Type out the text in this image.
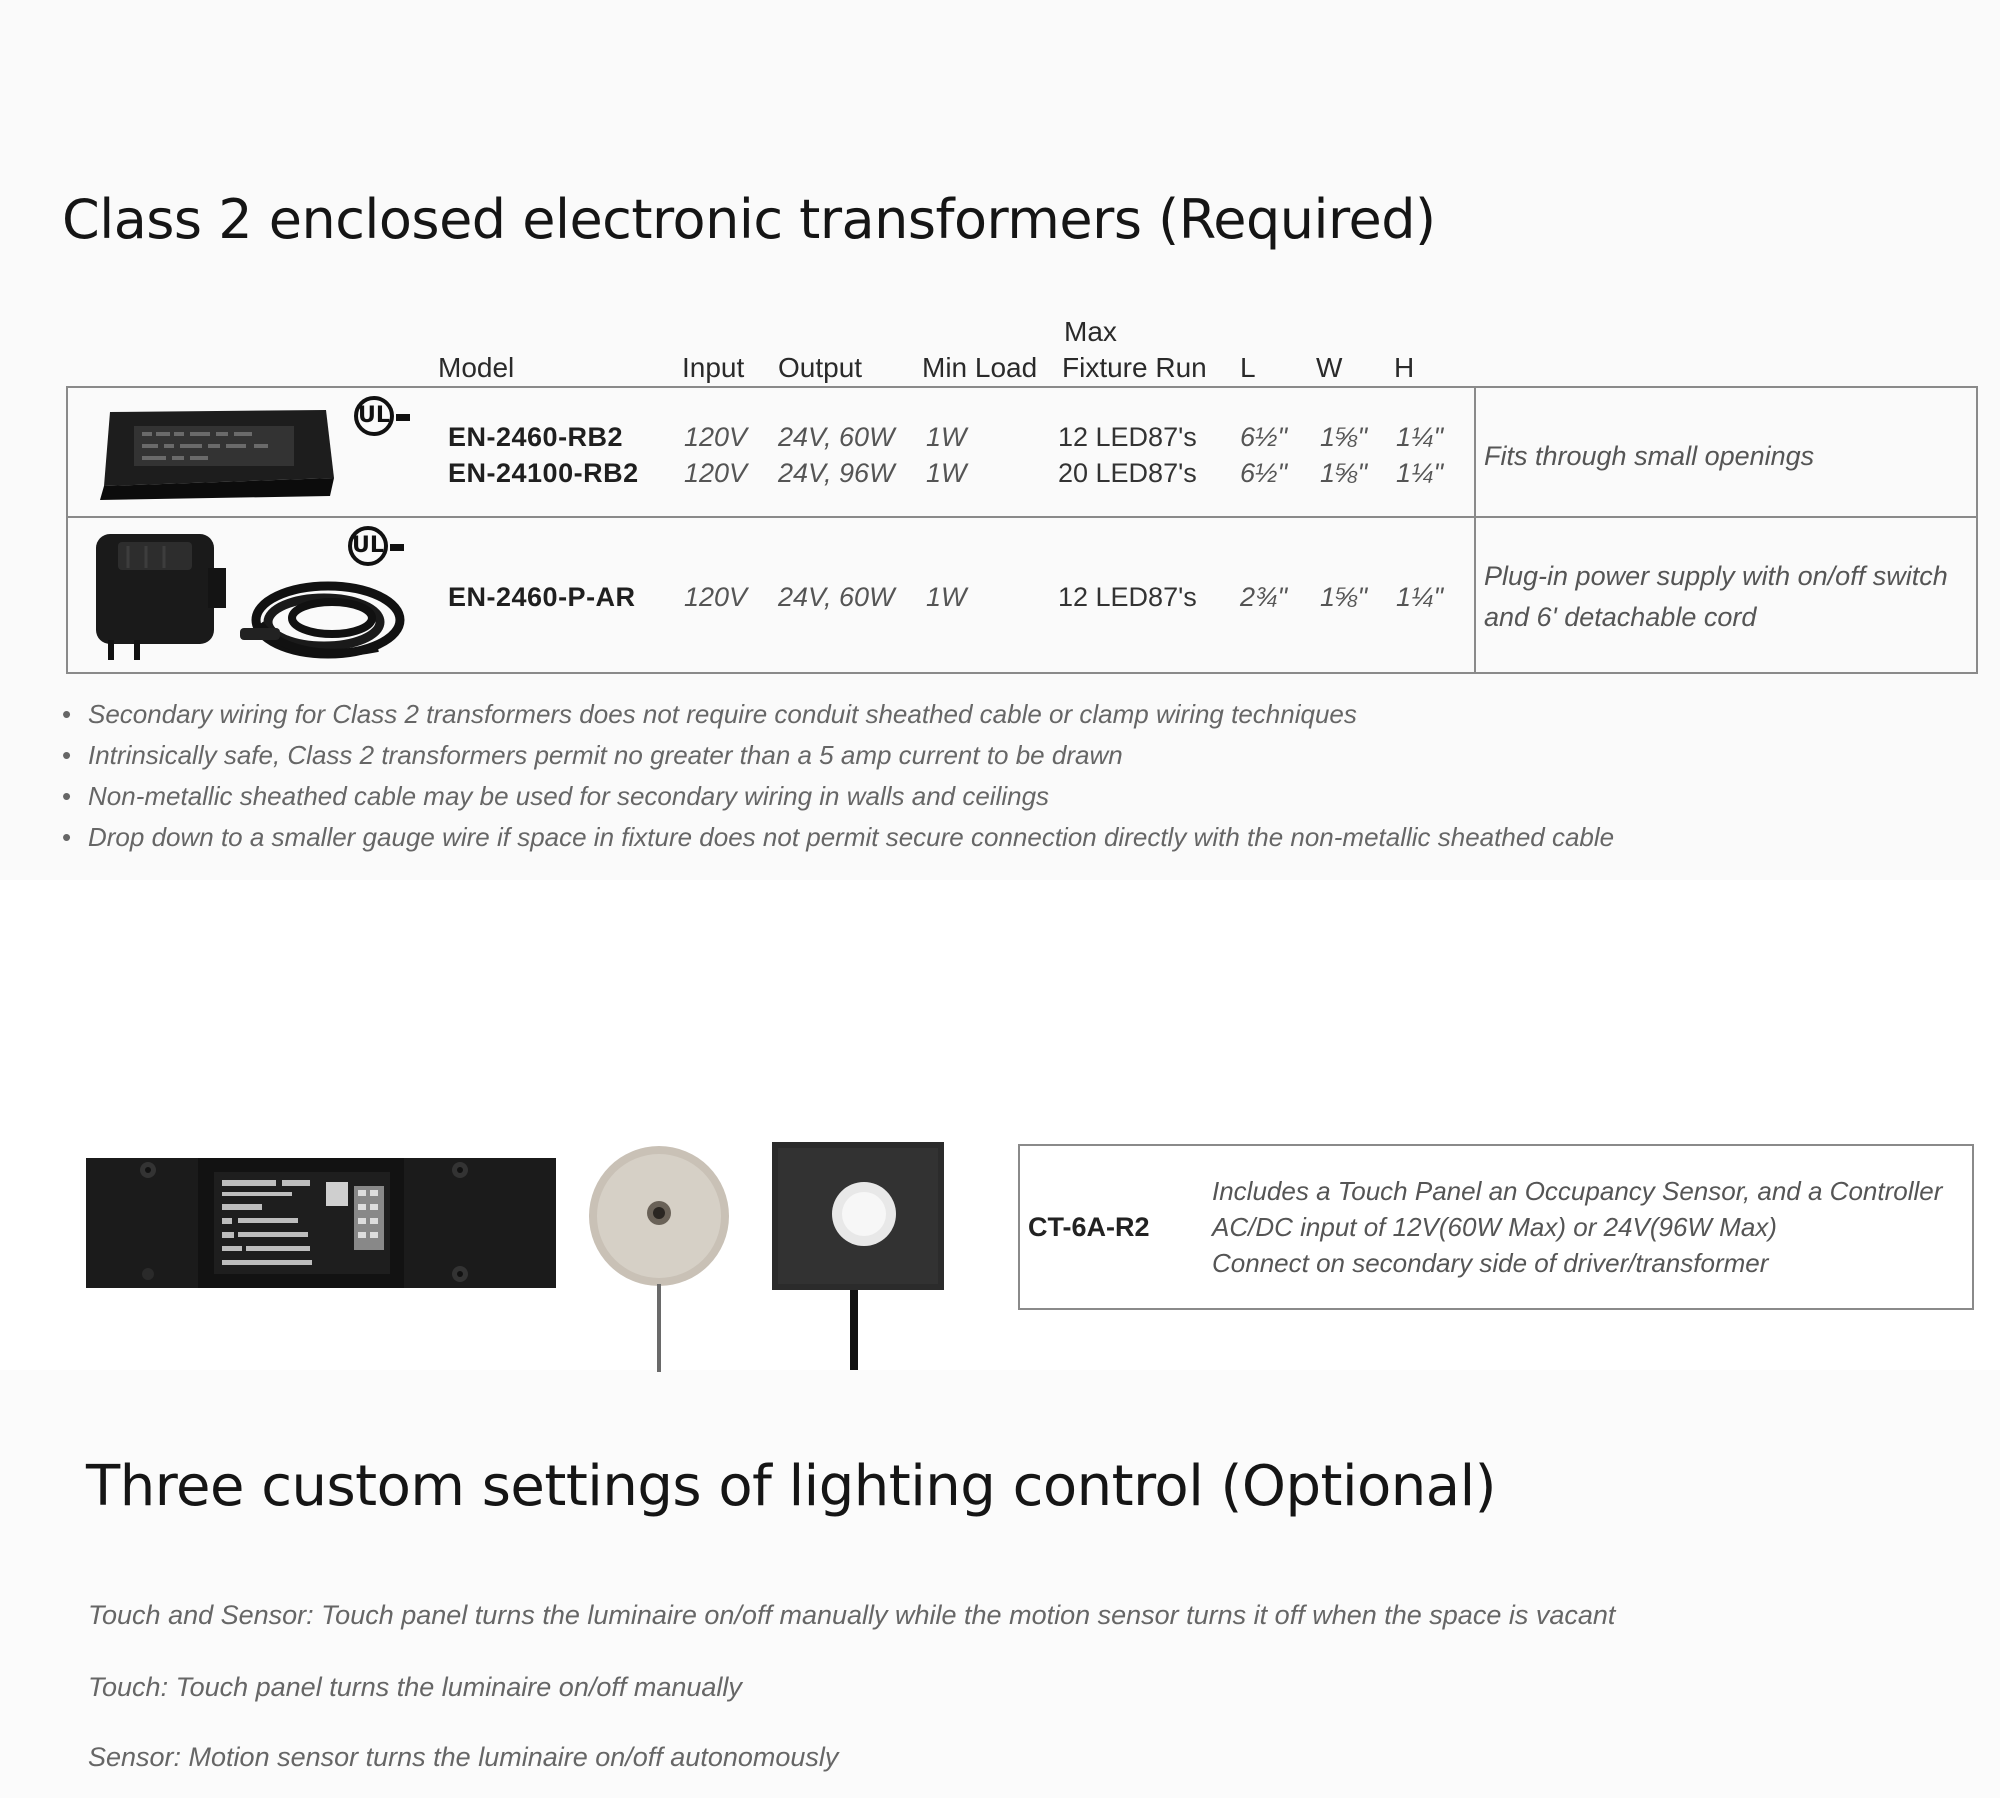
Class 2 enclosed electronic transformers (Required)
Model	Input Output Min Load
Max
Fixture Run L W H
UL
EN-2460-RB2
EN-24100-RB2
120V
120V
24V, 60W
24V, 96W
1W
1W
12 LED87's
20 LED87's
6½"
6½"
1⅝"
1⅝"
1¼"
1¼"
Fits through small openings
UL
EN-2460-P-AR 120V 24V, 60W 1W	12 LED87's 2¾" 1⅝" 1¼"
Plug-in power supply with on/off switch
and 6' detachable cord
• Secondary wiring for Class 2 transformers does not require conduit sheathed cable or clamp wiring techniques
• Intrinsically safe, Class 2 transformers permit no greater than a 5 amp current to be drawn
• Non-metallic sheathed cable may be used for secondary wiring in walls and ceilings
• Drop down to a smaller gauge wire if space in fixture does not permit secure connection directly with the non-metallic sheathed cable
CT-6A-R2
Includes a Touch Panel an Occupancy Sensor, and a Controller
AC/DC input of 12V(60W Max) or 24V(96W Max)
Connect on secondary side of driver/transformer
Three custom settings of lighting control (Optional)
Touch and Sensor: Touch panel turns the luminaire on/off manually while the motion sensor turns it off when the space is vacant
Touch: Touch panel turns the luminaire on/off manually
Sensor: Motion sensor turns the luminaire on/off autonomously
